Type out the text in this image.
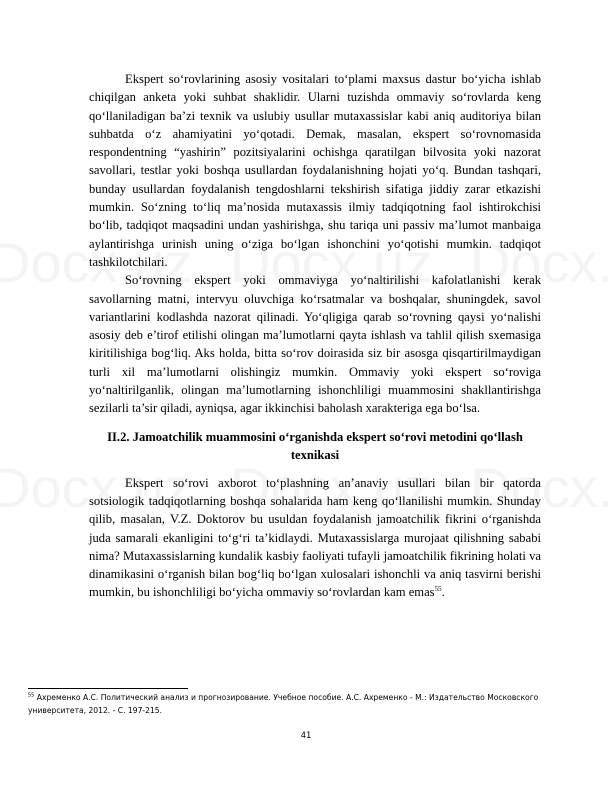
Ekspert so‘rovlarining asosiy vositalari to‘plami maxsus dastur bo‘yicha ishlab chiqilgan anketa yoki suhbat shaklidir. Ularni tuzishda ommaviy so‘rovlarda keng qo‘llaniladigan ba’zi texnik va uslubiy usullar mutaxassislar kabi aniq auditoriya bilan suhbatda o‘z ahamiyatini yo‘qotadi. Demak, masalan, ekspert so‘rovnomasida respondentning “yashirin” pozitsiyalarini ochishga qaratilgan bilvosita yoki nazorat savollari, testlar yoki boshqa usullardan foydalanishning hojati yo‘q. Bundan tashqari, bunday usullardan foydalanish tengdoshlarni tekshirish sifatiga jiddiy zarar etkazishi mumkin. So‘zning to‘liq ma’nosida mutaxassis ilmiy tadqiqotning faol ishtirokchisi bo‘lib, tadqiqot maqsadini undan yashirishga, shu tariqa uni passiv ma’lumot manbaiga aylantirishga urinish uning o‘ziga bo‘lgan ishonchini yo‘qotishi mumkin. tadqiqot tashkilotchilari.

So‘rovning ekspert yoki ommaviyga yo‘naltirilishi kafolatlanishi kerak savollarning matni, intervyu oluvchiga ko‘rsatmalar va boshqalar, shuningdek, savol variantlarini kodlashda nazorat qilinadi. Yo‘qligiga qarab so‘rovning qaysi yo‘nalishi asosiy deb e’tirof etilishi olingan ma’lumotlarni qayta ishlash va tahlil qilish sxemasiga kiritilishiga bog‘liq. Aks holda, bitta so‘rov doirasida siz bir asosga qisqartirilmaydigan turli xil ma’lumotlarni olishingiz mumkin. Ommaviy yoki ekspert so‘roviga yo‘naltirilganlik, olingan ma’lumotlarning ishonchliligi muammosini shakllantirishga sezilarli ta’sir qiladi, ayniqsa, agar ikkinchisi baholash xarakteriga ega bo‘lsa.

II.2. Jamoatchilik muammosini o‘rganishda ekspert so‘rovi metodini qo‘llash texnikasi

Ekspert so‘rovi axborot to‘plashning an’anaviy usullari bilan bir qatorda sotsiologik tadqiqotlarning boshqa sohalarida ham keng qo‘llanilishi mumkin. Shunday qilib, masalan, V.Z. Doktorov bu usuldan foydalanish jamoatchilik fikrini o‘rganishda juda samarali ekanligini to‘g‘ri ta’kidlaydi. Mutaxassislarga murojaat qilishning sababi nima? Mutaxassislarning kundalik kasbiy faoliyati tufayli jamoatchilik fikrining holati va dinamikasini o‘rganish bilan bog‘liq bo‘lgan xulosalari ishonchli va aniq tasvirni berishi mumkin, bu ishonchliligi bo‘yicha ommaviy so‘rovlardan kam emas$^{55}$.

$^{55}$ Ахременко А.С. Политический анализ и прогнозирование. Учебное пособие. А.С. Ахременко - М.: Издательство Московского университета, 2012. - С. 197-215.
41
